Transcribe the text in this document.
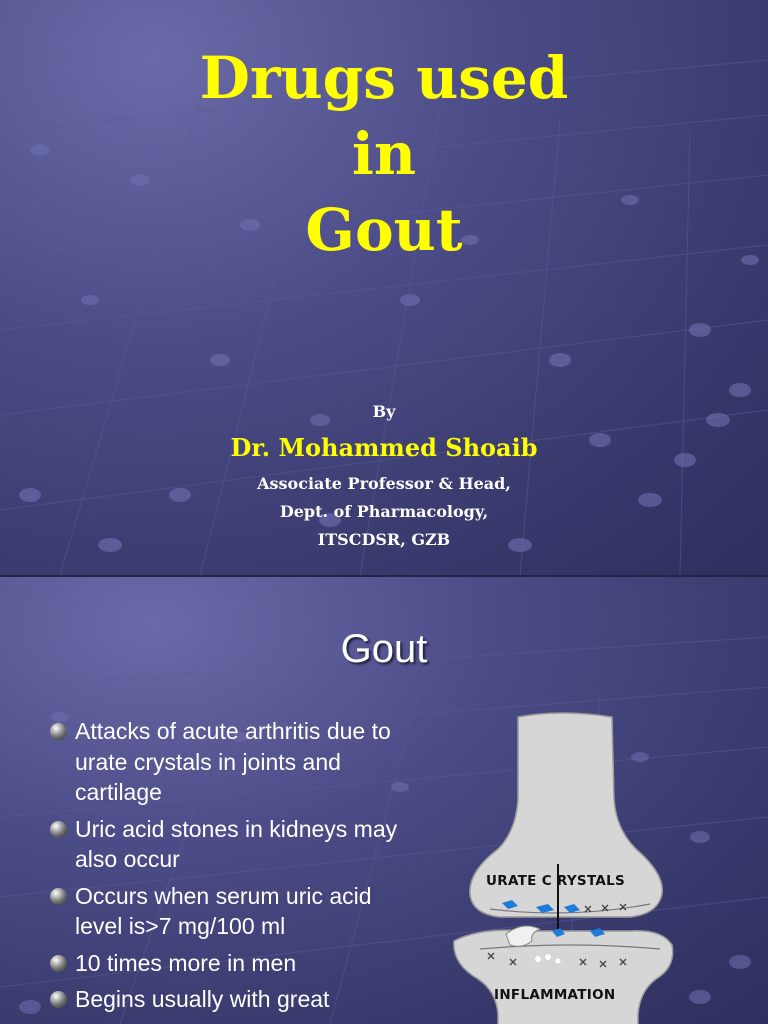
Drugs used
in
Gout
By
Dr. Mohammed Shoaib
Associate Professor & Head,
Dept. of Pharmacology,
ITSCDSR, GZB
Gout
Attacks of acute arthritis due to urate crystals in joints and cartilage
Uric acid stones in kidneys may also occur
Occurs when serum uric acid level is>7 mg/100 ml
10 times more in men
Begins usually with great
URATE C RYSTALS
INFLAMMATION
